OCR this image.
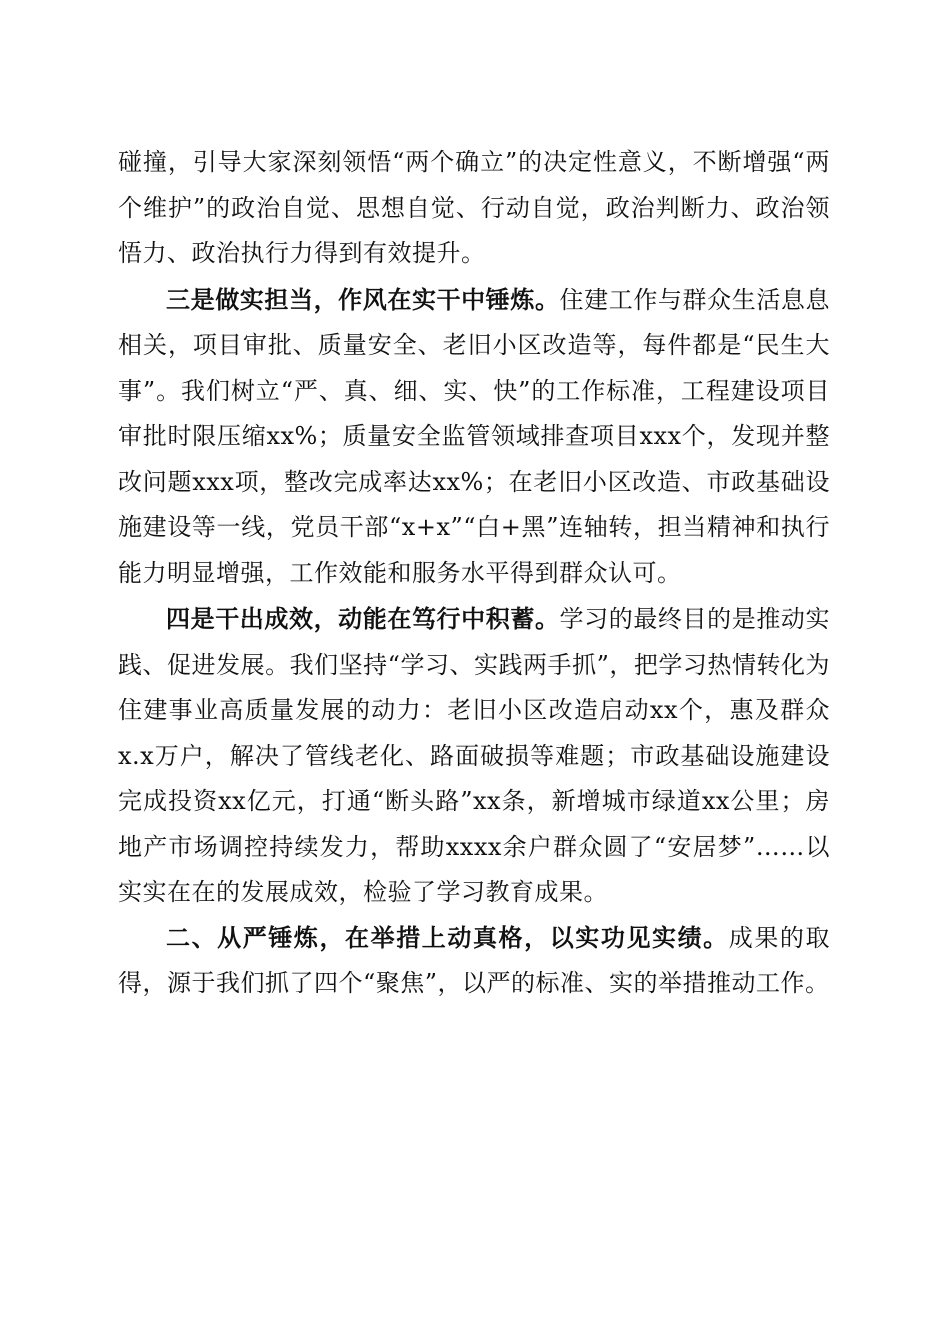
碰撞，引导大家深刻领悟“两个确立”的决定性意义，不断增强“两个维护”的政治自觉、思想自觉、行动自觉，政治判断力、政治领悟力、政治执行力得到有效提升。

三是做实担当，作风在实干中锤炼。住建工作与群众生活息息相关，项目审批、质量安全、老旧小区改造等，每件都是“民生大事”。我们树立“严、真、细、实、快”的工作标准，工程建设项目审批时限压缩xx%；质量安全监管领域排查项目xxx个，发现并整改问题xxx项，整改完成率达xx%；在老旧小区改造、市政基础设施建设等一线，党员干部“x+x”“白+黑”连轴转，担当精神和执行能力明显增强，工作效能和服务水平得到群众认可。

四是干出成效，动能在笃行中积蓄。学习的最终目的是推动实践、促进发展。我们坚持“学习、实践两手抓”，把学习热情转化为住建事业高质量发展的动力：老旧小区改造启动xx个，惠及群众x.x万户，解决了管线老化、路面破损等难题；市政基础设施建设完成投资xx亿元，打通“断头路”xx条，新增城市绿道xx公里；房地产市场调控持续发力，帮助xxxx余户群众圆了“安居梦”……以实实在在的发展成效，检验了学习教育成果。

二、从严锤炼，在举措上动真格，以实功见实绩。成果的取得，源于我们抓了四个“聚焦”，以严的标准、实的举措推动工作。
